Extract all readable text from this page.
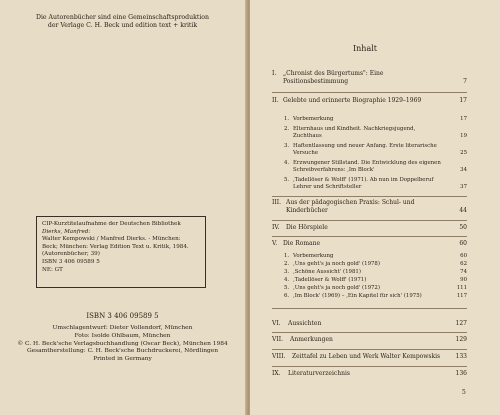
Die Autorenbücher sind eine Gemeinschaftsproduktion
der Verlage C. H. Beck und edition text + kritik
CIP-Kurztitelaufnahme der Deutschen Bibliothek
Dierks, Manfred:
Walter Kempowski / Manfred Dierks. - München:
Beck; München: Verlag Edition Text u. Kritik, 1984.
(Autorenbücher; 39)
ISBN 3 406 09589 5
NE: GT
ISBN 3 406 09589 5
Umschlagentwurf: Dieter Vollendorf, München
Foto: Isolde Ohlbaum, München
© C. H. Beck'sche Verlagsbuchhandlung (Oscar Beck), München 1984
Gesamtherstellung: C. H. Beck'sche Buchdruckerei, Nördlingen
Printed in Germany
Inhalt
I. „Chronist des Bürgertums": Eine Positionsbestimmung	7
II. Gelebte und erinnerte Biographie 1929–1969	17
1. Vorbemerkung	17
2. Elternhaus und Kindheit. Nachkriegsjugend, Zuchthaus	19
3. Haftentlassung und neuer Anfang. Erste literarische Versuche	25
4. Erzwungener Stillstand. Die Entwicklung des eigenen Schreibverfahrens: ‚Im Block'	34
5. ‚Tadellöser & Wolff' (1971). Ab nun im Doppelberuf Lehrer und Schriftsteller	37
III. Aus der pädagogischen Praxis: Schul- und Kinderbücher	44
IV. Die Hörspiele	50
V. Die Romane	60
1. Vorbemerkung	60
2. ‚Uns geht's ja noch gold' (1978)	62
3. ‚Schöne Aussicht' (1981)	74
4. ‚Tadellöser & Wolff' (1971)	90
5. ‚Uns geht's ja noch gold' (1972)	111
6. ‚Im Block' (1969) – ‚Ein Kapitel für sich' (1975)	117
VI. Aussichten	127
VII. Anmerkungen	129
VIII. Zeittafel zu Leben und Werk Walter Kempowskis	133
IX. Literaturverzeichnis	136
5
